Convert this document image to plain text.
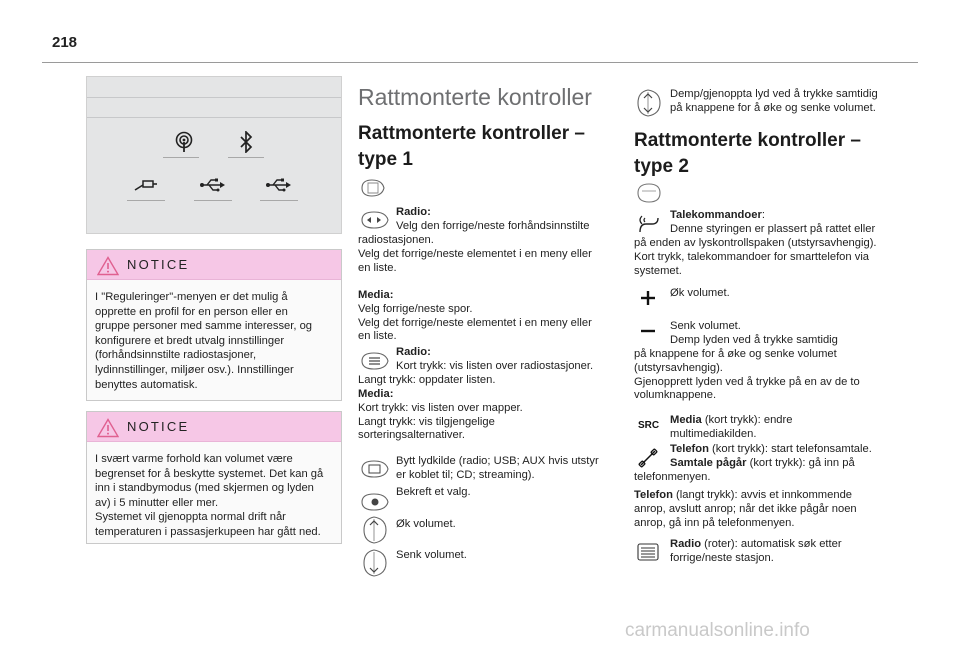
218
NOTICE
I "Reguleringer"-menyen er det mulig å
opprette en profil for en person eller en
gruppe personer med samme interesser, og
konfigurere et bredt utvalg innstillinger
(forhåndsinnstilte radiostasjoner,
lydinnstillinger, miljøer osv.). Innstillinger
benyttes automatisk.
NOTICE
I svært varme forhold kan volumet være
begrenset for å beskytte systemet. Det kan gå
inn i standbymodus (med skjermen og lyden
av) i 5 minutter eller mer.
Systemet vil gjenoppta normal drift når
temperaturen i passasjerkupeen har gått ned.
Rattmonterte kontroller
Rattmonterte kontroller –
type 1
Radio:
Velg den forrige/neste forhåndsinnstilte
radiostasjonen.
Velg det forrige/neste elementet i en meny eller
en liste.
Media:
Velg forrige/neste spor.
Velg det forrige/neste elementet i en meny eller
en liste.
Radio:
Kort trykk: vis listen over radiostasjoner.
Langt trykk: oppdater listen.
Media:
Kort trykk: vis listen over mapper.
Langt trykk: vis tilgjengelige
sorteringsalternativer.
Bytt lydkilde (radio; USB; AUX hvis utstyr
er koblet til; CD; streaming).
Bekreft et valg.
Øk volumet.
Senk volumet.
Demp/gjenoppta lyd ved å trykke samtidig
på knappene for å øke og senke volumet.
Rattmonterte kontroller –
type 2
Talekommandoer:
Denne styringen er plassert på rattet eller
på enden av lyskontrollspaken (utstyrsavhengig).
Kort trykk, talekommandoer for smarttelefon via
systemet.
Øk volumet.
Senk volumet.
Demp lyden ved å trykke samtidig
på knappene for å øke og senke volumet
(utstyrsavhengig).
Gjenopprett lyden ved å trykke på en av de to
volumknappene.
SRC Media (kort trykk): endre
multimediakilden.
Telefon (kort trykk): start telefonsamtale.
Samtale pågår (kort trykk): gå inn på
telefonmenyen.
Telefon (langt trykk): avvis et innkommende
anrop, avslutt anrop; når det ikke pågår noen
anrop, gå inn på telefonmenyen.
Radio (roter): automatisk søk etter
forrige/neste stasjon.
carmanualsonline.info
